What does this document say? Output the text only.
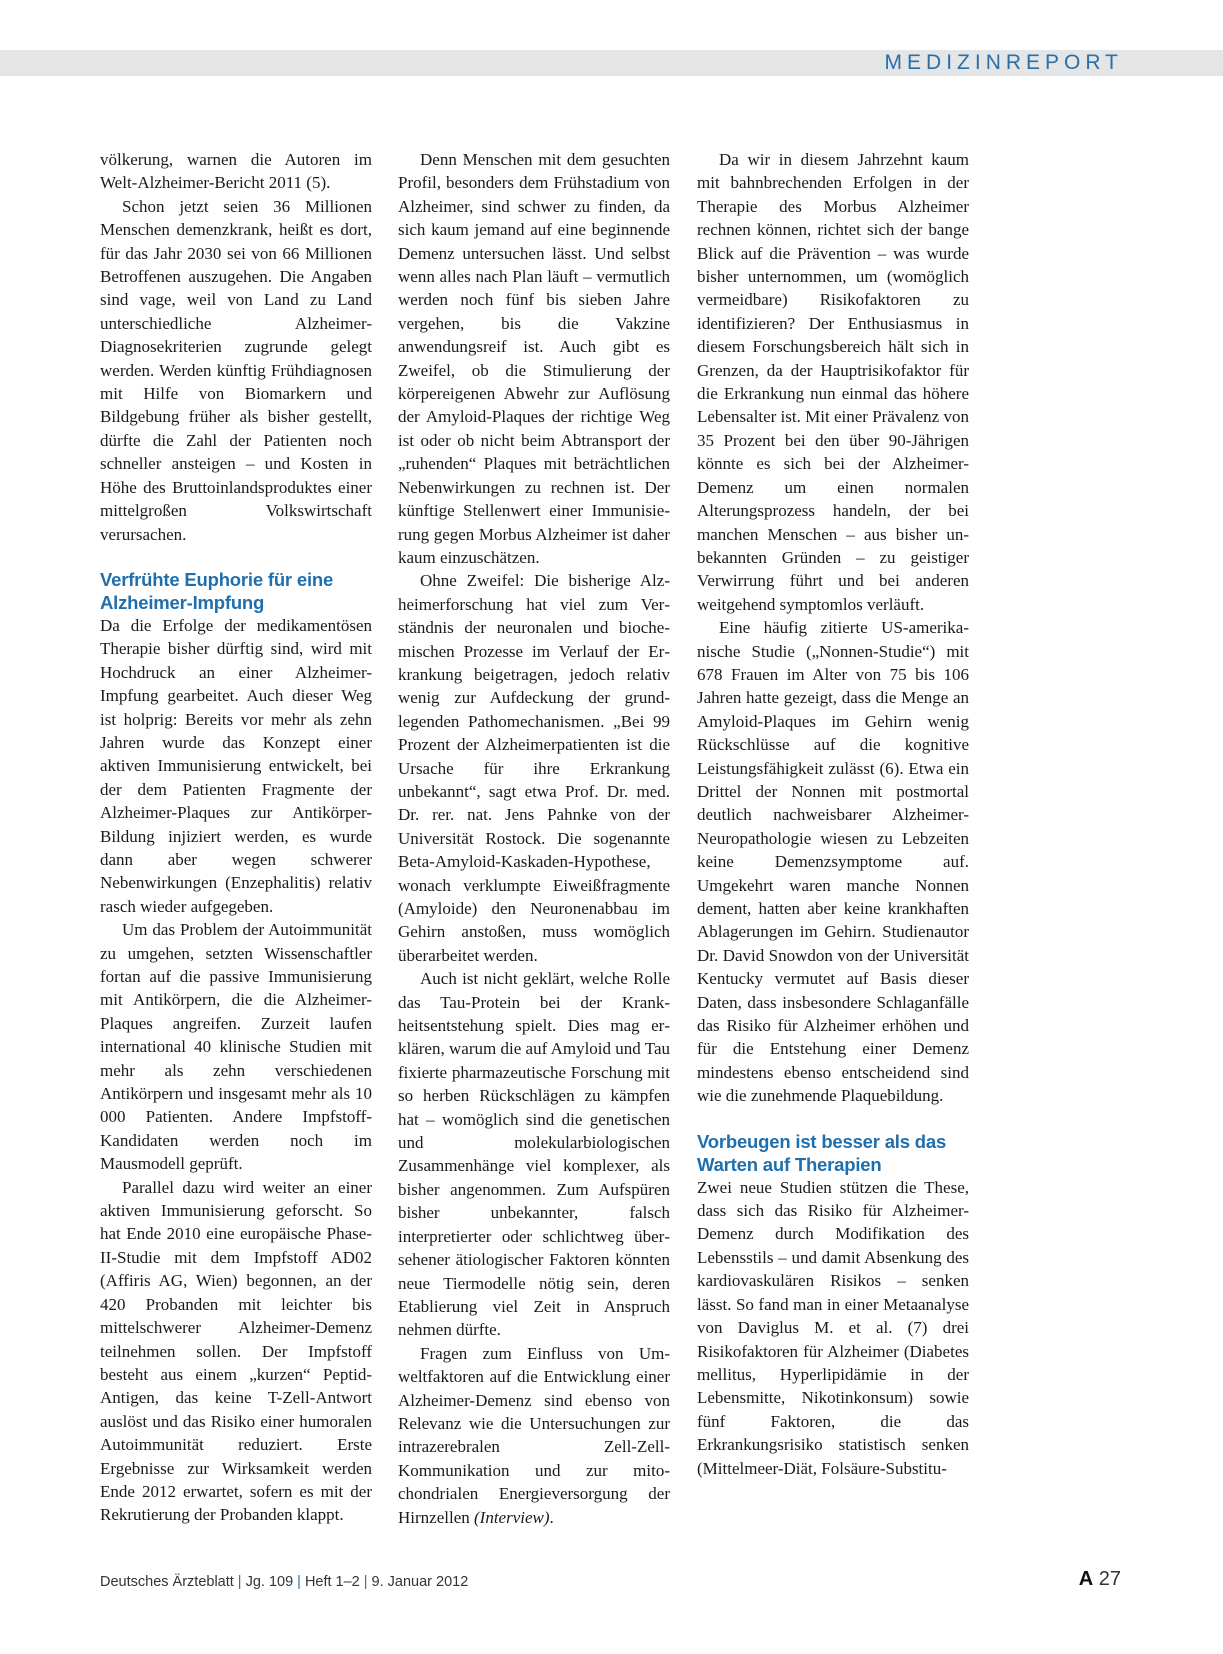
MEDIZINREPORT

völkerung, warnen die Autoren im Welt-Alzheimer-Bericht 2011 (5).

Schon jetzt seien 36 Millionen Menschen demenzkrank, heißt es dort, für das Jahr 2030 sei von 66 Millionen Betroffenen auszugehen. Die Angaben sind vage, weil von Land zu Land unterschiedliche Alzheimer-Diagnosekriterien zugrunde gelegt werden. Werden künftig Frühdiagnosen mit Hilfe von Biomarkern und Bildgebung früher als bisher gestellt, dürfte die Zahl der Patienten noch schneller ansteigen – und Kosten in Höhe des Bruttoinlandsproduktes einer mittelgroßen Volkswirtschaft verursachen.

Verfrühte Euphorie für eine Alzheimer-Impfung

Da die Erfolge der medikamentösen Therapie bisher dürftig sind, wird mit Hochdruck an einer Alzheimer-Impfung gearbeitet. Auch dieser Weg ist holprig: Bereits vor mehr als zehn Jahren wurde das Konzept einer aktiven Immunisierung entwickelt, bei der dem Patienten Fragmente der Alzheimer-Plaques zur Antikörper-Bildung injiziert werden, es wurde dann aber wegen schwerer Nebenwirkungen (Enzephalitis) relativ rasch wieder aufgegeben.

Um das Problem der Autoimmunität zu umgehen, setzten Wissenschaftler fortan auf die passive Immunisierung mit Antikörpern, die die Alzheimer-Plaques angreifen. Zurzeit laufen international 40 klinische Studien mit mehr als zehn verschiedenen Antikörpern und insgesamt mehr als 10 000 Patienten. Andere Impfstoff-Kandidaten werden noch im Mausmodell geprüft.

Parallel dazu wird weiter an einer aktiven Immunisierung geforscht. So hat Ende 2010 eine europäische Phase-II-Studie mit dem Impfstoff AD02 (Affiris AG, Wien) begonnen, an der 420 Probanden mit leichter bis mittelschwerer Alzheimer-Demenz teilnehmen sollen. Der Impfstoff besteht aus einem „kurzen“ Peptid-Antigen, das keine T-Zell-Antwort auslöst und das Risiko einer humoralen Autoimmunität reduziert. Erste Ergebnisse zur Wirksamkeit werden Ende 2012 erwartet, sofern es mit der Rekrutierung der Probanden klappt.

Denn Menschen mit dem gesuchten Profil, besonders dem Frühstadium von Alzheimer, sind schwer zu finden, da sich kaum jemand auf eine beginnende Demenz untersuchen lässt. Und selbst wenn alles nach Plan läuft – vermutlich werden noch fünf bis sieben Jahre vergehen, bis die Vakzine anwendungsreif ist. Auch gibt es Zweifel, ob die Stimulierung der körpereigenen Abwehr zur Auflösung der Amyloid-Plaques der richtige Weg ist oder ob nicht beim Abtransport der „ruhenden“ Plaques mit beträchtlichen Nebenwirkungen zu rechnen ist. Der künftige Stellenwert einer Immunisierung gegen Morbus Alzheimer ist daher kaum einzuschätzen.

Ohne Zweifel: Die bisherige Alzheimerforschung hat viel zum Verständnis der neuronalen und biochemischen Prozesse im Verlauf der Erkrankung beigetragen, jedoch relativ wenig zur Aufdeckung der grundlegenden Pathomechanismen. „Bei 99 Prozent der Alzheimerpatienten ist die Ursache für ihre Erkrankung unbekannt“, sagt etwa Prof. Dr. med. Dr. rer. nat. Jens Pahnke von der Universität Rostock. Die sogenannte Beta-Amyloid-Kaskaden-Hypothese, wonach verklumpte Eiweißfragmente (Amyloide) den Neuronenabbau im Gehirn anstoßen, muss womöglich überarbeitet werden.

Auch ist nicht geklärt, welche Rolle das Tau-Protein bei der Krankheitsentstehung spielt. Dies mag erklären, warum die auf Amyloid und Tau fixierte pharmazeutische Forschung mit so herben Rückschlägen zu kämpfen hat – womöglich sind die genetischen und molekularbiologischen Zusammenhänge viel komplexer, als bisher angenommen. Zum Aufspüren bisher unbekannter, falsch interpretierter oder schlichtweg übersehener ätiologischer Faktoren könnten neue Tiermodelle nötig sein, deren Etablierung viel Zeit in Anspruch nehmen dürfte.

Fragen zum Einfluss von Umweltfaktoren auf die Entwicklung einer Alzheimer-Demenz sind ebenso von Relevanz wie die Untersuchungen zur intrazerebralen Zell-Zell-Kommunikation und zur mitochondrialen Energieversorgung der Hirnzellen (Interview).

Da wir in diesem Jahrzehnt kaum mit bahnbrechenden Erfolgen in der Therapie des Morbus Alzheimer rechnen können, richtet sich der bange Blick auf die Prävention – was wurde bisher unternommen, um (womöglich vermeidbare) Risikofaktoren zu identifizieren? Der Enthusiasmus in diesem Forschungsbereich hält sich in Grenzen, da der Hauptrisikofaktor für die Erkrankung nun einmal das höhere Lebensalter ist. Mit einer Prävalenz von 35 Prozent bei den über 90-Jährigen könnte es sich bei der Alzheimer-Demenz um einen normalen Alterungsprozess handeln, der bei manchen Menschen – aus bisher unbekannten Gründen – zu geistiger Verwirrung führt und bei anderen weitgehend symptomlos verläuft.

Eine häufig zitierte US-amerikanische Studie („Nonnen-Studie“) mit 678 Frauen im Alter von 75 bis 106 Jahren hatte gezeigt, dass die Menge an Amyloid-Plaques im Gehirn wenig Rückschlüsse auf die kognitive Leistungsfähigkeit zulässt (6). Etwa ein Drittel der Nonnen mit postmortal deutlich nachweisbarer Alzheimer-Neuropathologie wiesen zu Lebzeiten keine Demenzsymptome auf. Umgekehrt waren manche Nonnen dement, hatten aber keine krankhaften Ablagerungen im Gehirn. Studienautor Dr. David Snowdon von der Universität Kentucky vermutet auf Basis dieser Daten, dass insbesondere Schlaganfälle das Risiko für Alzheimer erhöhen und für die Entstehung einer Demenz mindestens ebenso entscheidend sind wie die zunehmende Plaquebildung.

Vorbeugen ist besser als das Warten auf Therapien

Zwei neue Studien stützen die These, dass sich das Risiko für Alzheimer-Demenz durch Modifikation des Lebensstils – und damit Absenkung des kardiovaskulären Risikos – senken lässt. So fand man in einer Metaanalyse von Daviglus M. et al. (7) drei Risikofaktoren für Alzheimer (Diabetes mellitus, Hyperlipidämie in der Lebensmitte, Nikotinkonsum) sowie fünf Faktoren, die das Erkrankungsrisiko statistisch senken (Mittelmeer-Diät, Folsäure-Substitu-

Deutsches Ärzteblatt | Jg. 109 | Heft 1–2 | 9. Januar 2012	A 27
